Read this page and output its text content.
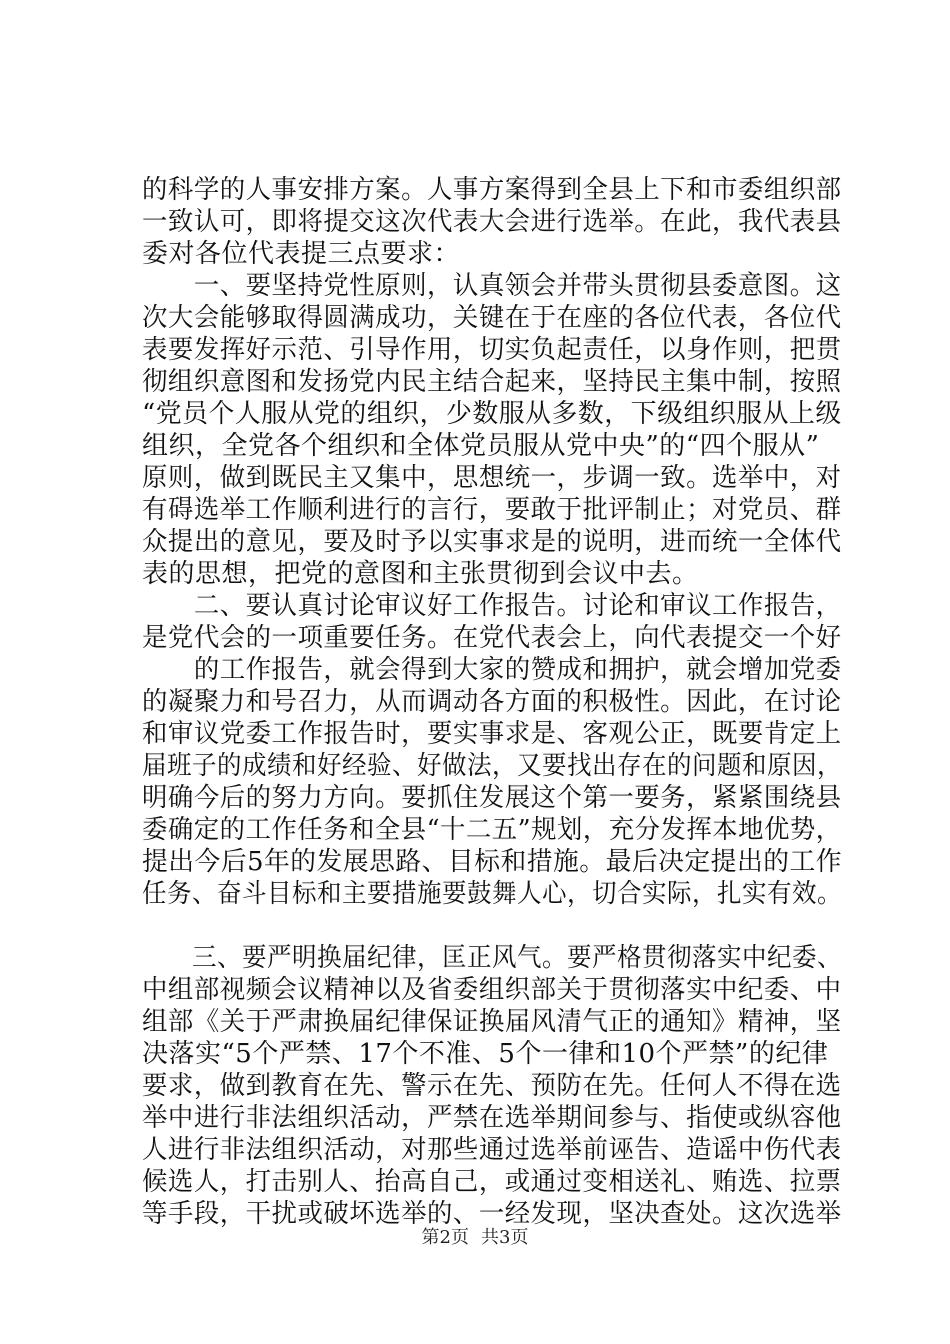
的科学的人事安排方案。人事方案得到全县上下和市委组织部
一致认可，即将提交这次代表大会进行选举。在此，我代表县
委对各位代表提三点要求：
　　一、要坚持党性原则，认真领会并带头贯彻县委意图。这
次大会能够取得圆满成功，关键在于在座的各位代表，各位代
表要发挥好示范、引导作用，切实负起责任，以身作则，把贯
彻组织意图和发扬党内民主结合起来，坚持民主集中制，按照
“党员个人服从党的组织，少数服从多数，下级组织服从上级
组织，全党各个组织和全体党员服从党中央”的“四个服从”
原则，做到既民主又集中，思想统一，步调一致。选举中，对
有碍选举工作顺利进行的言行，要敢于批评制止；对党员、群
众提出的意见，要及时予以实事求是的说明，进而统一全体代
表的思想，把党的意图和主张贯彻到会议中去。
　　二、要认真讨论审议好工作报告。讨论和审议工作报告，
是党代会的一项重要任务。在党代表会上，向代表提交一个好
　　的工作报告，就会得到大家的赞成和拥护，就会增加党委
的凝聚力和号召力，从而调动各方面的积极性。因此，在讨论
和审议党委工作报告时，要实事求是、客观公正，既要肯定上
届班子的成绩和好经验、好做法，又要找出存在的问题和原因，
明确今后的努力方向。要抓住发展这个第一要务，紧紧围绕县
委确定的工作任务和全县“十二五”规划，充分发挥本地优势，
提出今后5年的发展思路、目标和措施。最后决定提出的工作
任务、奋斗目标和主要措施要鼓舞人心，切合实际，扎实有效。
　　三、要严明换届纪律，匡正风气。要严格贯彻落实中纪委、
中组部视频会议精神以及省委组织部关于贯彻落实中纪委、中
组部《关于严肃换届纪律保证换届风清气正的通知》精神，坚
决落实“5个严禁、17个不准、5个一律和10个严禁”的纪律
要求，做到教育在先、警示在先、预防在先。任何人不得在选
举中进行非法组织活动，严禁在选举期间参与、指使或纵容他
人进行非法组织活动，对那些通过选举前诬告、造谣中伤代表
候选人，打击别人、抬高自己，或通过变相送礼、贿选、拉票
等手段，干扰或破坏选举的、一经发现，坚决查处。这次选举
第2页 共3页
